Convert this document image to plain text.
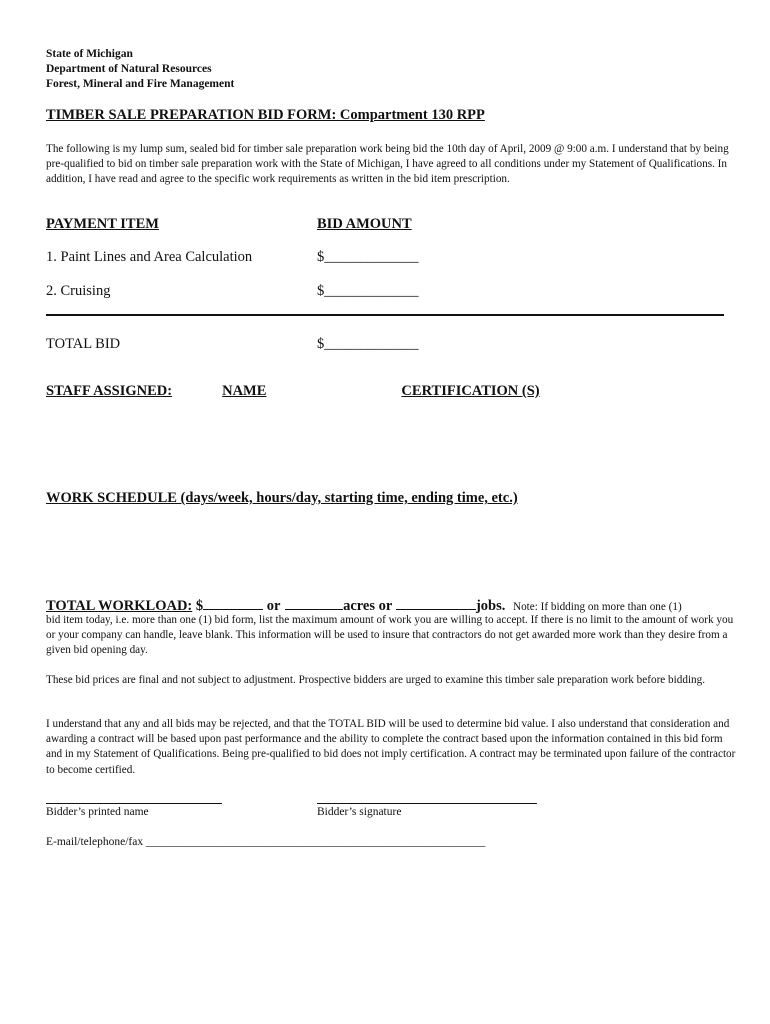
State of Michigan
Department of Natural Resources
Forest, Mineral and Fire Management
TIMBER SALE PREPARATION BID FORM: Compartment 130 RPP
The following is my lump sum, sealed bid for timber sale preparation work being bid the 10th day of April, 2009 @ 9:00 a.m. I understand that by being pre-qualified to bid on timber sale preparation work with the State of Michigan, I have agreed to all conditions under my Statement of Qualifications. In addition, I have read and agree to the specific work requirements as written in the bid item prescription.
PAYMENT ITEM	BID AMOUNT
1. Paint Lines and Area Calculation	$_____________
2. Cruising	$_____________
TOTAL BID	$_____________
STAFF ASSIGNED:	NAME	CERTIFICATION (S)
WORK SCHEDULE (days/week, hours/day, starting time, ending time, etc.)
TOTAL WORKLOAD: $	or	acres or	jobs. Note: If bidding on more than one (1)
bid item today, i.e. more than one (1) bid form, list the maximum amount of work you are willing to accept. If there is no limit to the amount of work you or your company can handle, leave blank. This information will be used to insure that contractors do not get awarded more work than they desire from a given bid opening day.
These bid prices are final and not subject to adjustment. Prospective bidders are urged to examine this timber sale preparation work before bidding.
I understand that any and all bids may be rejected, and that the TOTAL BID will be used to determine bid value. I also understand that consideration and awarding a contract will be based upon past performance and the ability to complete the contract based upon the information contained in this bid form and in my Statement of Qualifications. Being pre-qualified to bid does not imply certification. A contract may be terminated upon failure of the contractor to become certified.
Bidder’s printed name	Bidder’s signature
E-mail/telephone/fax ___________________________________________________________
